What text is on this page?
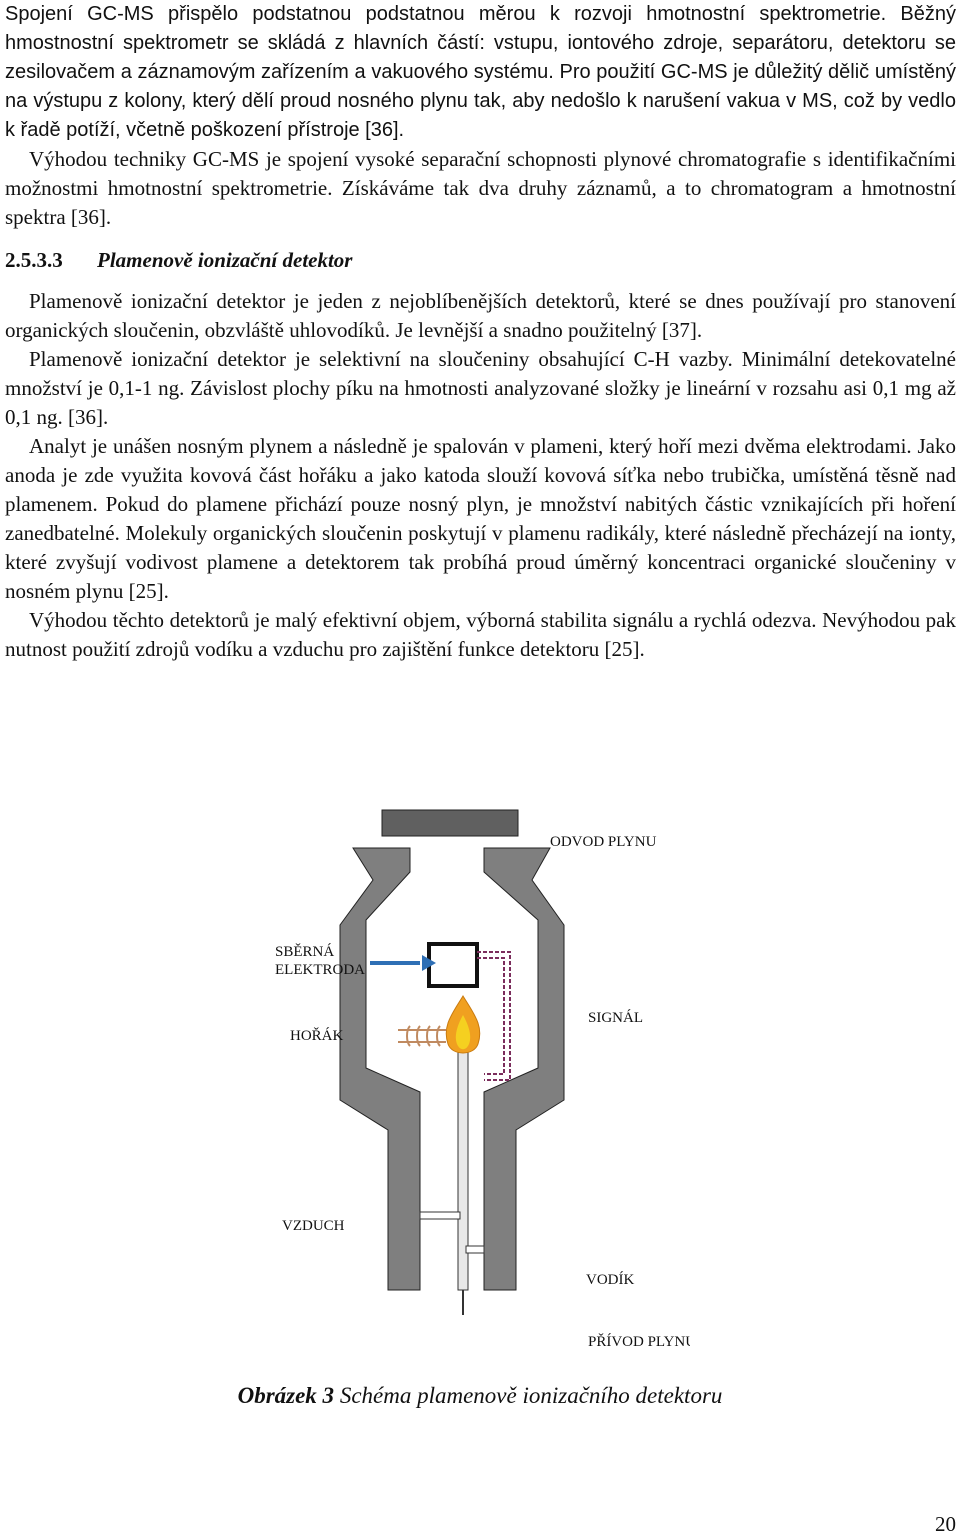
Spojení GC-MS přispělo podstatnou podstatnou měrou k rozvoji hmotnostní spektrometrie. Běžný hmostnostní spektrometr se skládá z hlavních částí: vstupu, iontového zdroje, separátoru, detektoru se zesilovačem a záznamovým zařízením a vakuového systému. Pro použití GC-MS je důležitý dělič umístěný na výstupu z kolony, který dělí proud nosného plynu tak, aby nedošlo k narušení vakua v MS, což by vedlo k řadě potíží, včetně poškození přístroje [36].

Výhodou techniky GC-MS je spojení vysoké separační schopnosti plynové chromatografie s identifikačními možnostmi hmotnostní spektrometrie. Získáváme tak dva druhy záznamů, a to chromatogram a hmotnostní spektra [36].

2.5.3.3 Plamenově ionizační detektor

Plamenově ionizační detektor je jeden z nejoblíbenějších detektorů, které se dnes používají pro stanovení organických sloučenin, obzvláště uhlovodíků. Je levnější a snadno použitelný [37].

Plamenově ionizační detektor je selektivní na sloučeniny obsahující C-H vazby. Minimální detekovatelné množství je 0,1-1 ng. Závislost plochy píku na hmotnosti analyzované složky je lineární v rozsahu asi 0,1 mg až 0,1 ng. [36].

Analyt je unášen nosným plynem a následně je spalován v plameni, který hoří mezi dvěma elektrodami. Jako anoda je zde využita kovová část hořáku a jako katoda slouží kovová síťka nebo trubička, umístěná těsně nad plamenem. Pokud do plamene přichází pouze nosný plyn, je množství nabitých částic vznikajících při hoření zanedbatelné. Molekuly organických sloučenin poskytují v plamenu radikály, které následně přecházejí na ionty, které zvyšují vodivost plamene a detektorem tak probíhá proud úměrný koncentraci organické sloučeniny v nosném plynu [25].

Výhodou těchto detektorů je malý efektivní objem, výborná stabilita signálu a rychlá odezva. Nevýhodou pak nutnost použití zdrojů vodíku a vzduchu pro zajištění funkce detektoru [25].

ODVOD PLYNU
SBĚRNÁ
ELEKTRODA
SIGNÁL
HOŘÁK
VZDUCH
VODÍK
PŘÍVOD PLYNU
Obrázek 3 Schéma plamenově ionizačního detektoru
20
